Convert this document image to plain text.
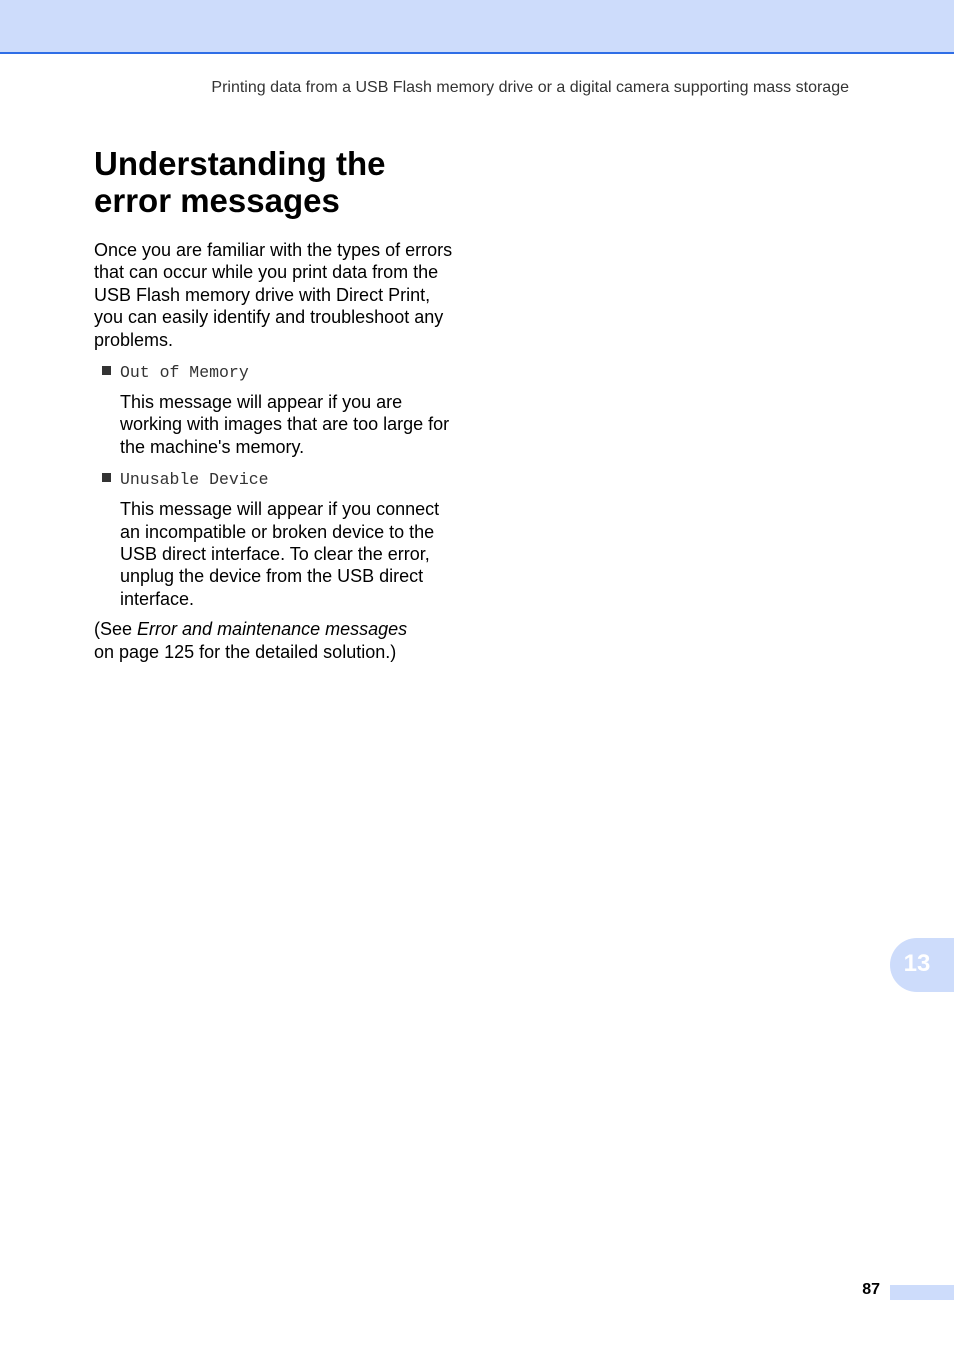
Printing data from a USB Flash memory drive or a digital camera supporting mass storage
Understanding the
error messages

Once you are familiar with the types of errors
that can occur while you print data from the
USB Flash memory drive with Direct Print,
you can easily identify and troubleshoot any
problems.

Out of Memory

This message will appear if you are
working with images that are too large for
the machine's memory.

Unusable Device

This message will appear if you connect
an incompatible or broken device to the
USB direct interface. To clear the error,
unplug the device from the USB direct
interface.

(See Error and maintenance messages
on page 125 for the detailed solution.)

13
87
